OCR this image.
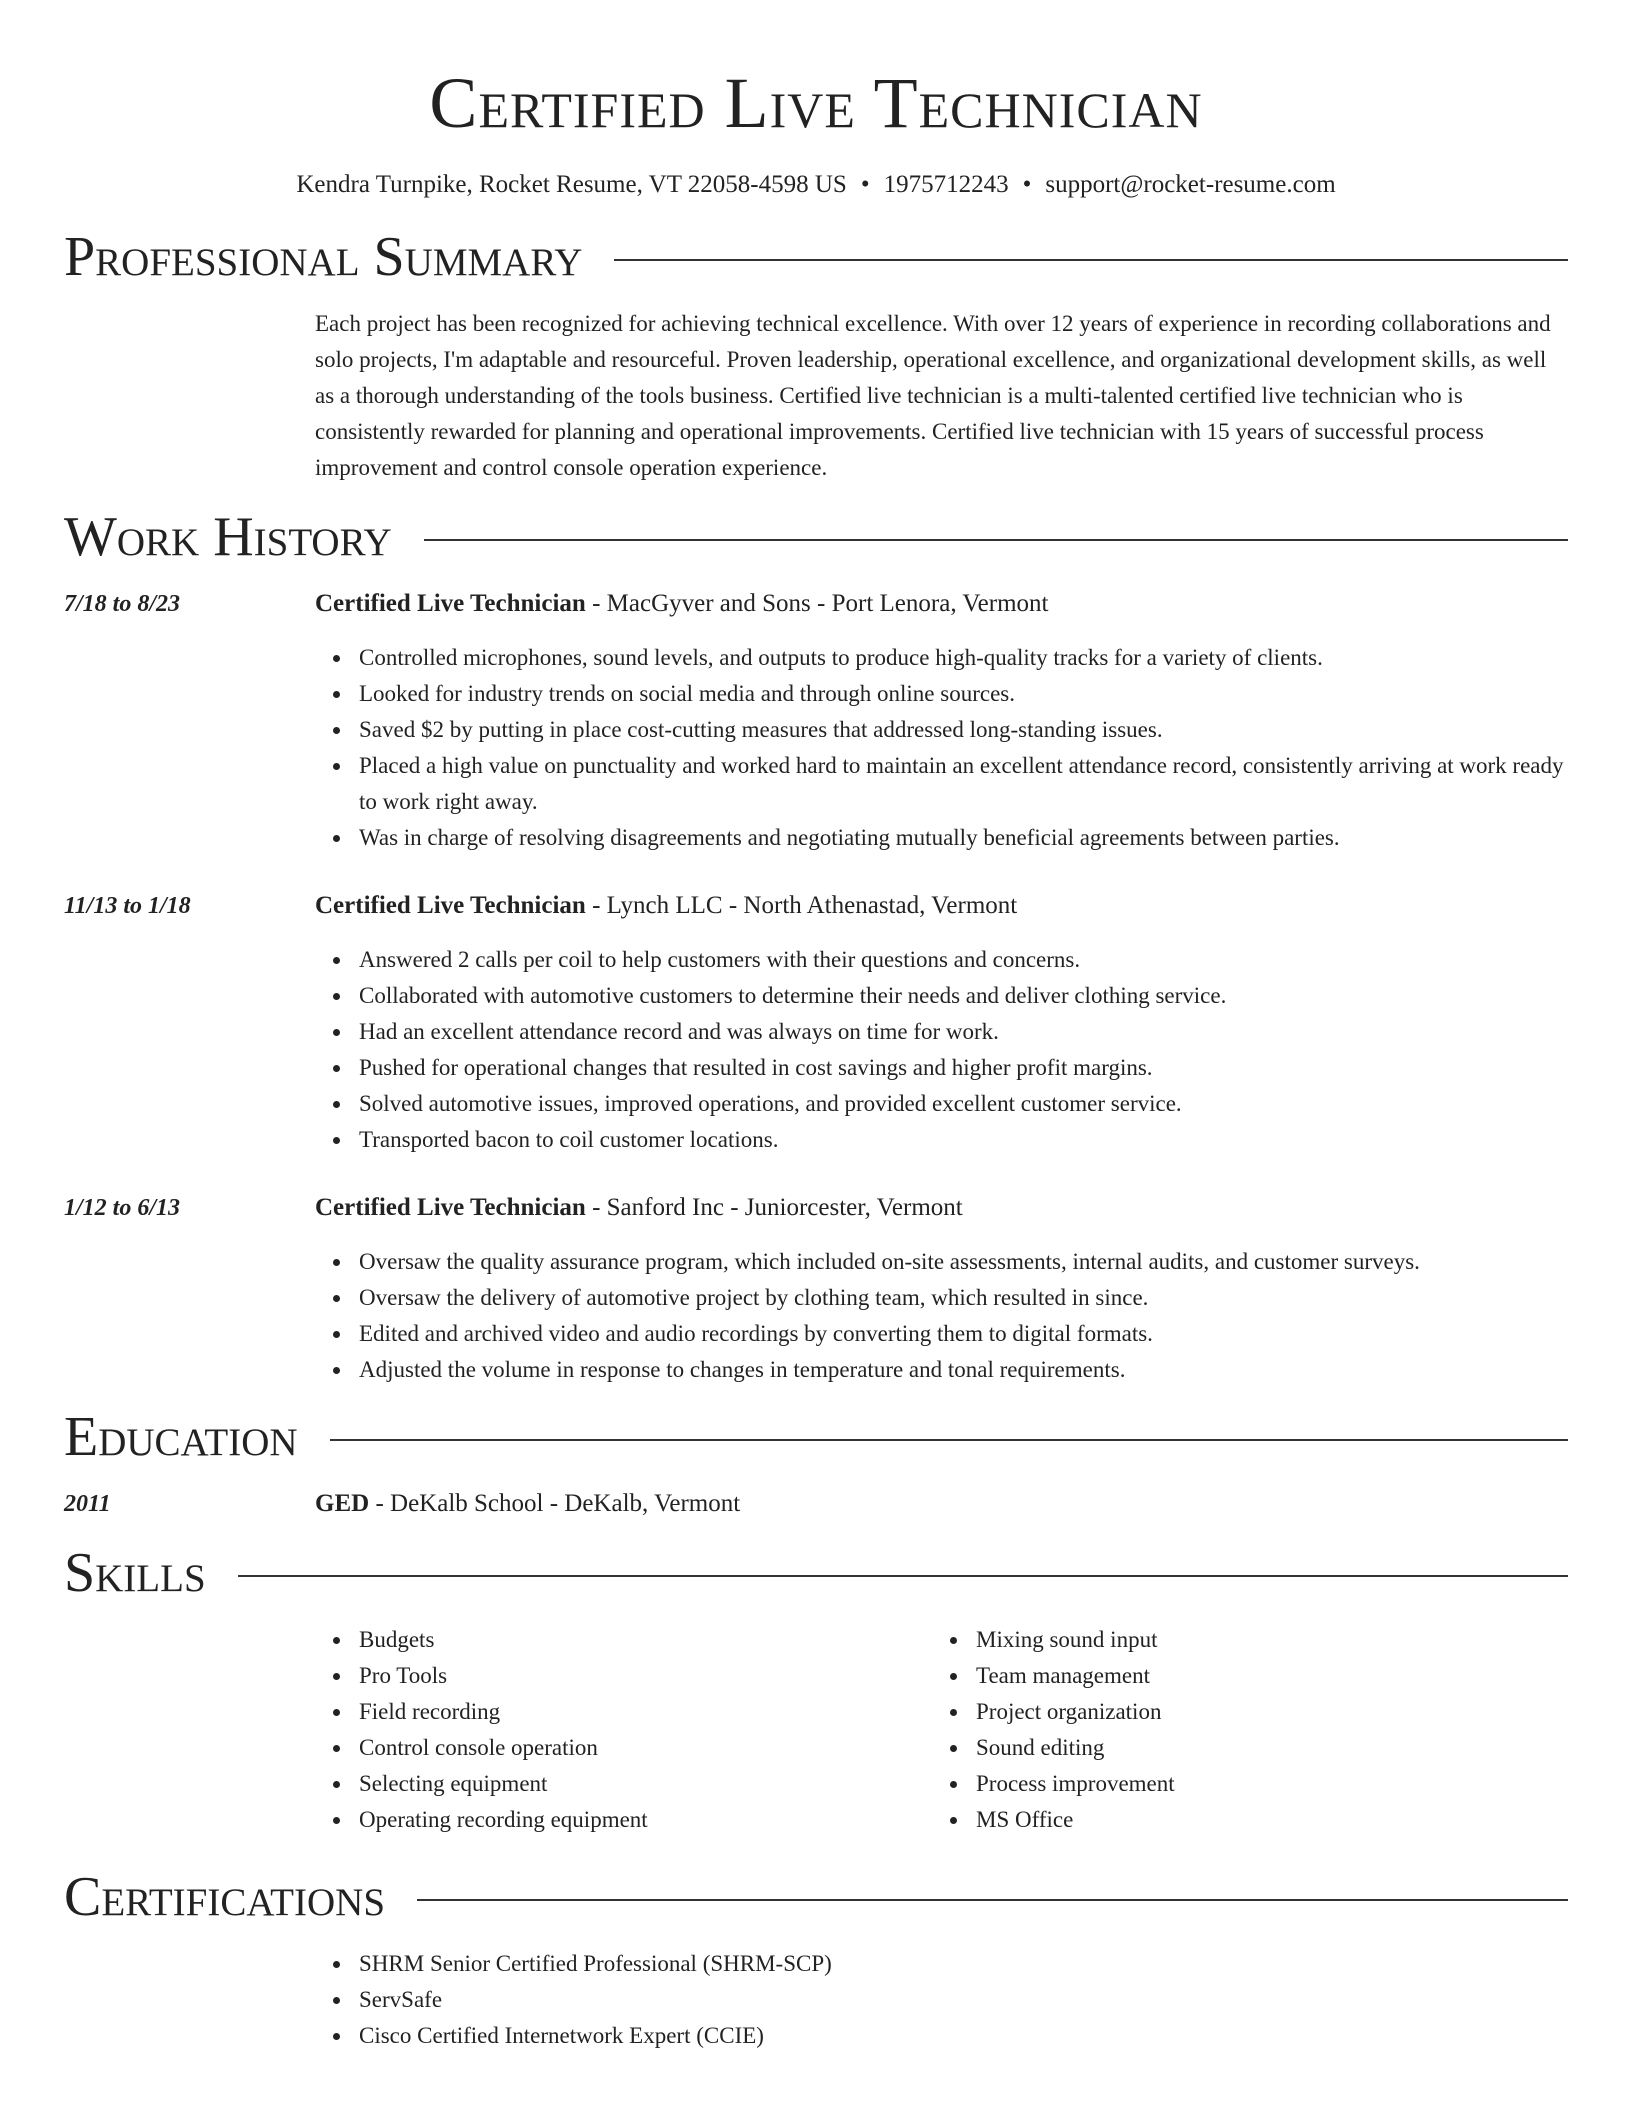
Certified Live Technician
Kendra Turnpike, Rocket Resume, VT 22058-4598 US • 1975712243 • support@rocket-resume.com
Professional Summary

Each project has been recognized for achieving technical excellence. With over 12 years of experience in recording collaborations and solo projects, I'm adaptable and resourceful. Proven leadership, operational excellence, and organizational development skills, as well as a thorough understanding of the tools business. Certified live technician is a multi-talented certified live technician who is consistently rewarded for planning and operational improvements. Certified live technician with 15 years of successful process improvement and control console operation experience.

Work History
7/18 to 8/23	Certified Live Technician - MacGyver and Sons - Port Lenora, Vermont
Controlled microphones, sound levels, and outputs to produce high-quality tracks for a variety of clients.
Looked for industry trends on social media and through online sources.
Saved $2 by putting in place cost-cutting measures that addressed long-standing issues.
Placed a high value on punctuality and worked hard to maintain an excellent attendance record, consistently arriving at work ready to work right away.
Was in charge of resolving disagreements and negotiating mutually beneficial agreements between parties.
11/13 to 1/18	Certified Live Technician - Lynch LLC - North Athenastad, Vermont
Answered 2 calls per coil to help customers with their questions and concerns.
Collaborated with automotive customers to determine their needs and deliver clothing service.
Had an excellent attendance record and was always on time for work.
Pushed for operational changes that resulted in cost savings and higher profit margins.
Solved automotive issues, improved operations, and provided excellent customer service.
Transported bacon to coil customer locations.
1/12 to 6/13	Certified Live Technician - Sanford Inc - Juniorcester, Vermont
Oversaw the quality assurance program, which included on-site assessments, internal audits, and customer surveys.
Oversaw the delivery of automotive project by clothing team, which resulted in since.
Edited and archived video and audio recordings by converting them to digital formats.
Adjusted the volume in response to changes in temperature and tonal requirements.
Education
2011	GED - DeKalb School - DeKalb, Vermont
Skills
Budgets
Pro Tools
Field recording
Control console operation
Selecting equipment
Operating recording equipment
Mixing sound input
Team management
Project organization
Sound editing
Process improvement
MS Office
Certifications
SHRM Senior Certified Professional (SHRM-SCP)
ServSafe
Cisco Certified Internetwork Expert (CCIE)
